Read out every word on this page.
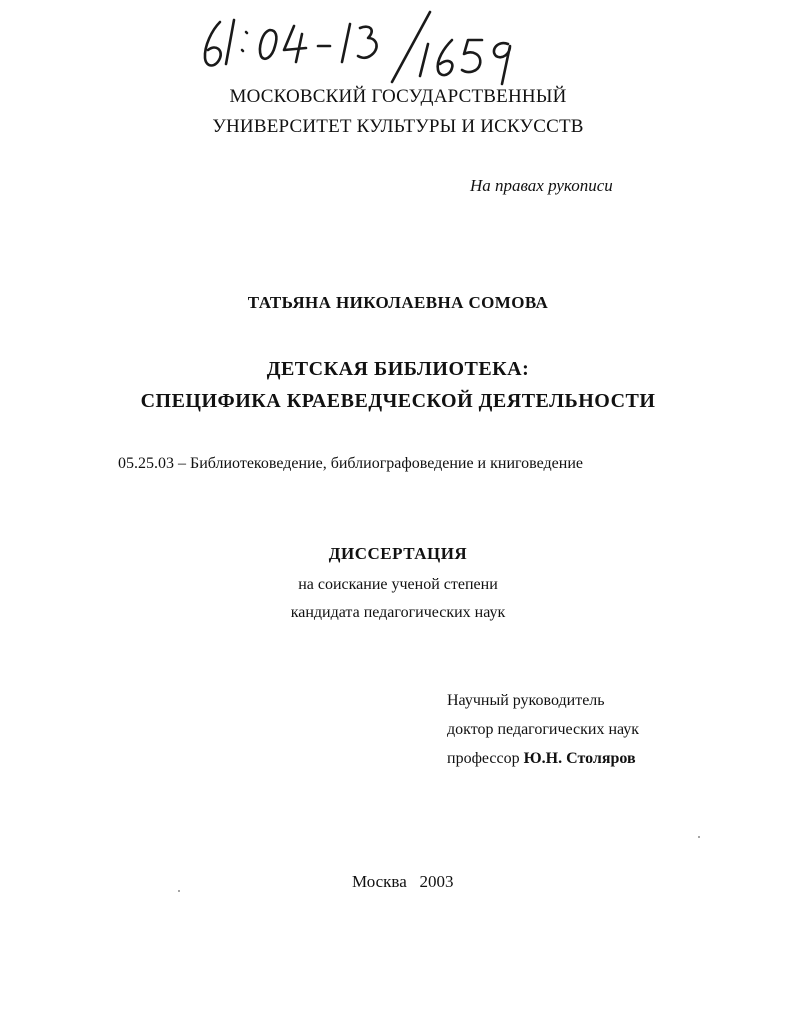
МОСКОВСКИЙ ГОСУДАРСТВЕННЫЙ
УНИВЕРСИТЕТ КУЛЬТУРЫ И ИСКУССТВ
На правах рукописи
ТАТЬЯНА НИКОЛАЕВНА СОМОВА
ДЕТСКАЯ БИБЛИОТЕКА:
СПЕЦИФИКА КРАЕВЕДЧЕСКОЙ ДЕЯТЕЛЬНОСТИ
05.25.03 – Библиотековедение, библиографоведение и книговедение
ДИССЕРТАЦИЯ
на соискание ученой степени
кандидата педагогических наук
Научный руководитель
доктор педагогических наук
профессор Ю.Н. Столяров
Москва 2003
